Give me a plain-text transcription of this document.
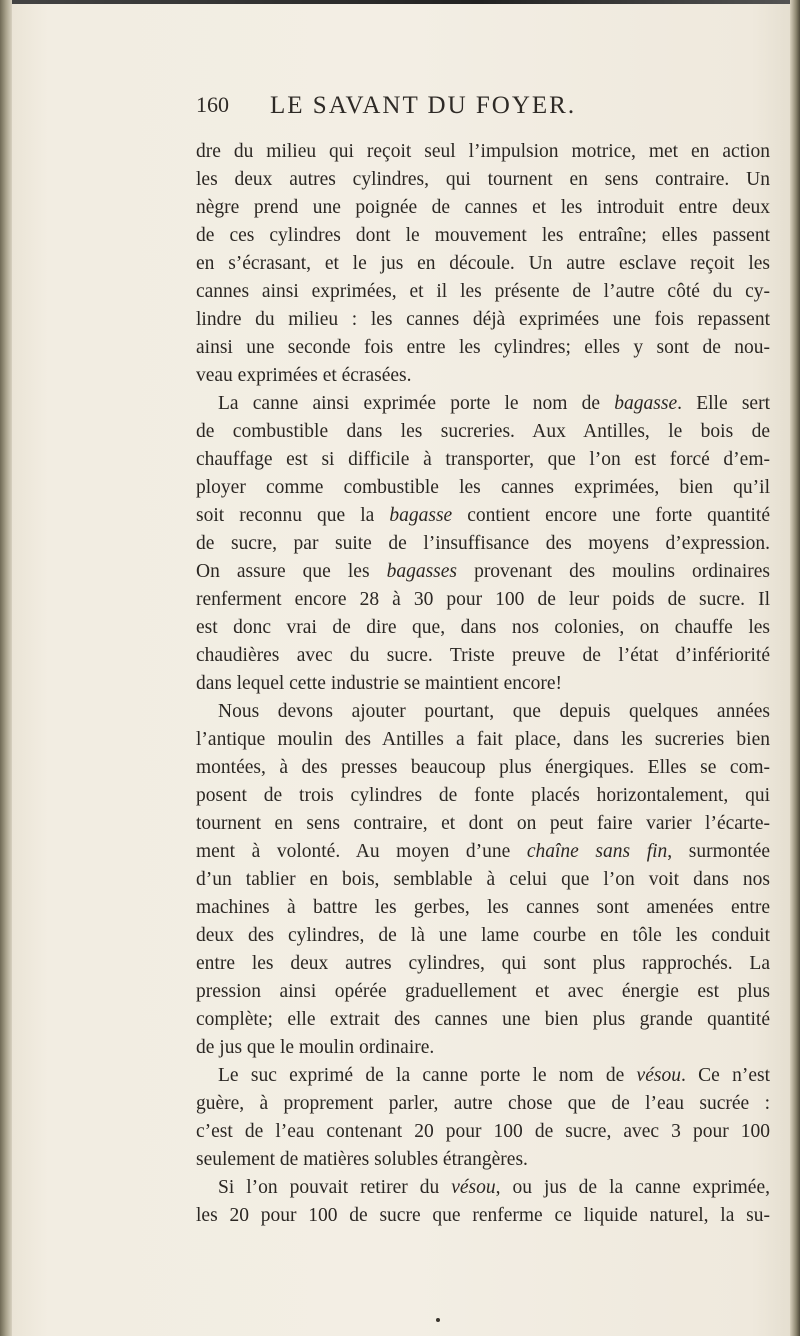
160 LE SAVANT DU FOYER.
dre du milieu qui reçoit seul l’impulsion motrice, met en action
les deux autres cylindres, qui tournent en sens contraire. Un
nègre prend une poignée de cannes et les introduit entre deux
de ces cylindres dont le mouvement les entraîne; elles passent
en s’écrasant, et le jus en découle. Un autre esclave reçoit les
cannes ainsi exprimées, et il les présente de l’autre côté du cy-
lindre du milieu : les cannes déjà exprimées une fois repassent
ainsi une seconde fois entre les cylindres; elles y sont de nou-
veau exprimées et écrasées.
La canne ainsi exprimée porte le nom de bagasse. Elle sert
de combustible dans les sucreries. Aux Antilles, le bois de
chauffage est si difficile à transporter, que l’on est forcé d’em-
ployer comme combustible les cannes exprimées, bien qu’il
soit reconnu que la bagasse contient encore une forte quantité
de sucre, par suite de l’insuffisance des moyens d’expression.
On assure que les bagasses provenant des moulins ordinaires
renferment encore 28 à 30 pour 100 de leur poids de sucre. Il
est donc vrai de dire que, dans nos colonies, on chauffe les
chaudières avec du sucre. Triste preuve de l’état d’infériorité
dans lequel cette industrie se maintient encore!
Nous devons ajouter pourtant, que depuis quelques années
l’antique moulin des Antilles a fait place, dans les sucreries bien
montées, à des presses beaucoup plus énergiques. Elles se com-
posent de trois cylindres de fonte placés horizontalement, qui
tournent en sens contraire, et dont on peut faire varier l’écarte-
ment à volonté. Au moyen d’une chaîne sans fin, surmontée
d’un tablier en bois, semblable à celui que l’on voit dans nos
machines à battre les gerbes, les cannes sont amenées entre
deux des cylindres, de là une lame courbe en tôle les conduit
entre les deux autres cylindres, qui sont plus rapprochés. La
pression ainsi opérée graduellement et avec énergie est plus
complète; elle extrait des cannes une bien plus grande quantité
de jus que le moulin ordinaire.
Le suc exprimé de la canne porte le nom de vésou. Ce n’est
guère, à proprement parler, autre chose que de l’eau sucrée :
c’est de l’eau contenant 20 pour 100 de sucre, avec 3 pour 100
seulement de matières solubles étrangères.
Si l’on pouvait retirer du vésou, ou jus de la canne exprimée,
les 20 pour 100 de sucre que renferme ce liquide naturel, la su-
